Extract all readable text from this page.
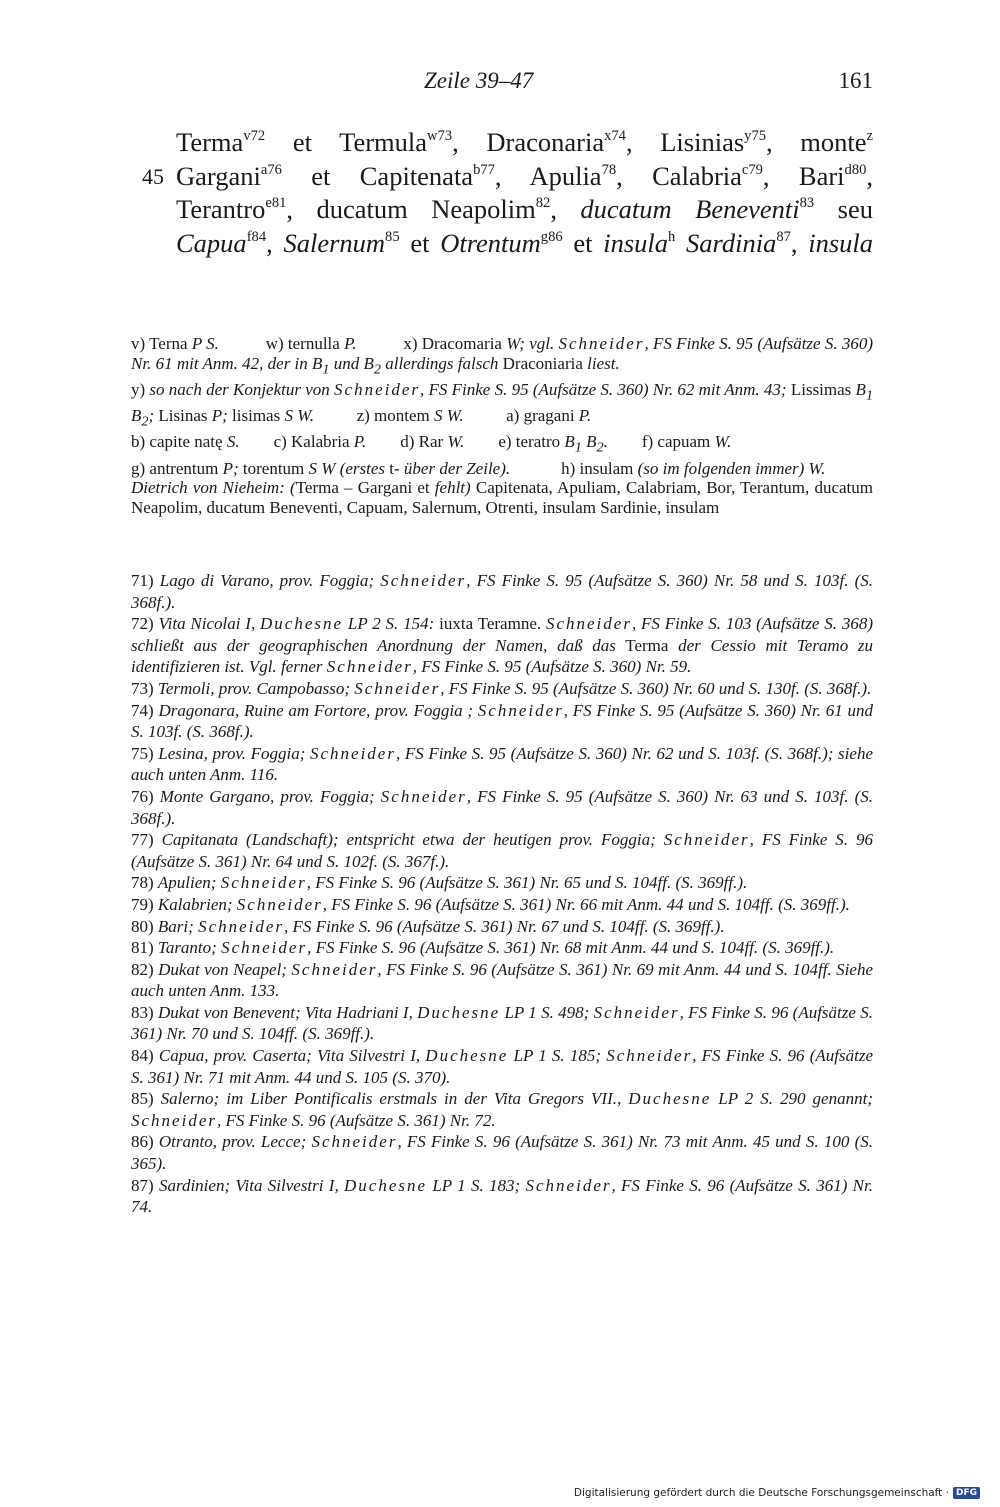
Zeile 39–47	161
Terma$^{v72}$ et Termula$^{w73}$, Draconaria$^{x74}$, Lisinias$^{y75}$, monte$^z$
45 Gargani$^{a76}$ et Capitenata$^{b77}$, Apulia$^{78}$, Calabria$^{c79}$, Bari$^{d80}$,
Terantro$^{e81}$, ducatum Neapolim$^{82}$, ducatum Beneventi$^{83}$ seu
Capua$^{f84}$, Salernum$^{85}$ et Otrentum$^{g86}$ et insula$^h$ Sardinia$^{87}$, insula

v) Terna P S.           w) ternulla P.           x) Dracomaria W; vgl. Schneider, FS Finke S. 95 (Aufsätze S. 360) Nr. 61 mit Anm. 42, der in $B_1$ und $B_2$ allerdings falsch Draconiaria liest.

y) so nach der Konjektur von Schneider, FS Finke S. 95 (Aufsätze S. 360) Nr. 62 mit Anm. 43; Lissimas $B_1$ $B_2$; Lisinas P; lisimas S W.          z) montem S W.          a) gragani P.

b) capite natę S.        c) Kalabria P.        d) Rar W.        e) teratro $B_1$ $B_2$.        f) capuam W.

g) antrentum P; torentum S W (erstes t- über der Zeile).            h) insulam (so im folgenden immer) W.

Dietrich von Nieheim: (Terma – Gargani et fehlt) Capitenata, Apuliam, Calabriam, Bor, Terantum, ducatum Neapolim, ducatum Beneventi, Capuam, Salernum, Otrenti, insulam Sardinie, insulam

71) Lago di Varano, prov. Foggia; Schneider, FS Finke S. 95 (Aufsätze S. 360) Nr. 58 und S. 103f. (S. 368f.).

72) Vita Nicolai I, Duchesne LP 2 S. 154: iuxta Teramne. Schneider, FS Finke S. 103 (Aufsätze S. 368) schließt aus der geographischen Anordnung der Namen, daß das Terma der Cessio mit Teramo zu identifizieren ist. Vgl. ferner Schneider, FS Finke S. 95 (Aufsätze S. 360) Nr. 59.

73) Termoli, prov. Campobasso; Schneider, FS Finke S. 95 (Aufsätze S. 360) Nr. 60 und S. 130f. (S. 368f.).

74) Dragonara, Ruine am Fortore, prov. Foggia ; Schneider, FS Finke S. 95 (Aufsätze S. 360) Nr. 61 und S. 103f. (S. 368f.).

75) Lesina, prov. Foggia; Schneider, FS Finke S. 95 (Aufsätze S. 360) Nr. 62 und S. 103f. (S. 368f.); siehe auch unten Anm. 116.

76) Monte Gargano, prov. Foggia; Schneider, FS Finke S. 95 (Aufsätze S. 360) Nr. 63 und S. 103f. (S. 368f.).

77) Capitanata (Landschaft); entspricht etwa der heutigen prov. Foggia; Schneider, FS Finke S. 96 (Aufsätze S. 361) Nr. 64 und S. 102f. (S. 367f.).

78) Apulien; Schneider, FS Finke S. 96 (Aufsätze S. 361) Nr. 65 und S. 104ff. (S. 369ff.).

79) Kalabrien; Schneider, FS Finke S. 96 (Aufsätze S. 361) Nr. 66 mit Anm. 44 und S. 104ff. (S. 369ff.).

80) Bari; Schneider, FS Finke S. 96 (Aufsätze S. 361) Nr. 67 und S. 104ff. (S. 369ff.).

81) Taranto; Schneider, FS Finke S. 96 (Aufsätze S. 361) Nr. 68 mit Anm. 44 und S. 104ff. (S. 369ff.).

82) Dukat von Neapel; Schneider, FS Finke S. 96 (Aufsätze S. 361) Nr. 69 mit Anm. 44 und S. 104ff. Siehe auch unten Anm. 133.

83) Dukat von Benevent; Vita Hadriani I, Duchesne LP 1 S. 498; Schneider, FS Finke S. 96 (Aufsätze S. 361) Nr. 70 und S. 104ff. (S. 369ff.).

84) Capua, prov. Caserta; Vita Silvestri I, Duchesne LP 1 S. 185; Schneider, FS Finke S. 96 (Aufsätze S. 361) Nr. 71 mit Anm. 44 und S. 105 (S. 370).

85) Salerno; im Liber Pontificalis erstmals in der Vita Gregors VII., Duchesne LP 2 S. 290 genannt; Schneider, FS Finke S. 96 (Aufsätze S. 361) Nr. 72.

86) Otranto, prov. Lecce; Schneider, FS Finke S. 96 (Aufsätze S. 361) Nr. 73 mit Anm. 45 und S. 100 (S. 365).

87) Sardinien; Vita Silvestri I, Duchesne LP 1 S. 183; Schneider, FS Finke S. 96 (Aufsätze S. 361) Nr. 74.

Digitalisierung gefördert durch die Deutsche Forschungsgemeinschaft · DFG
